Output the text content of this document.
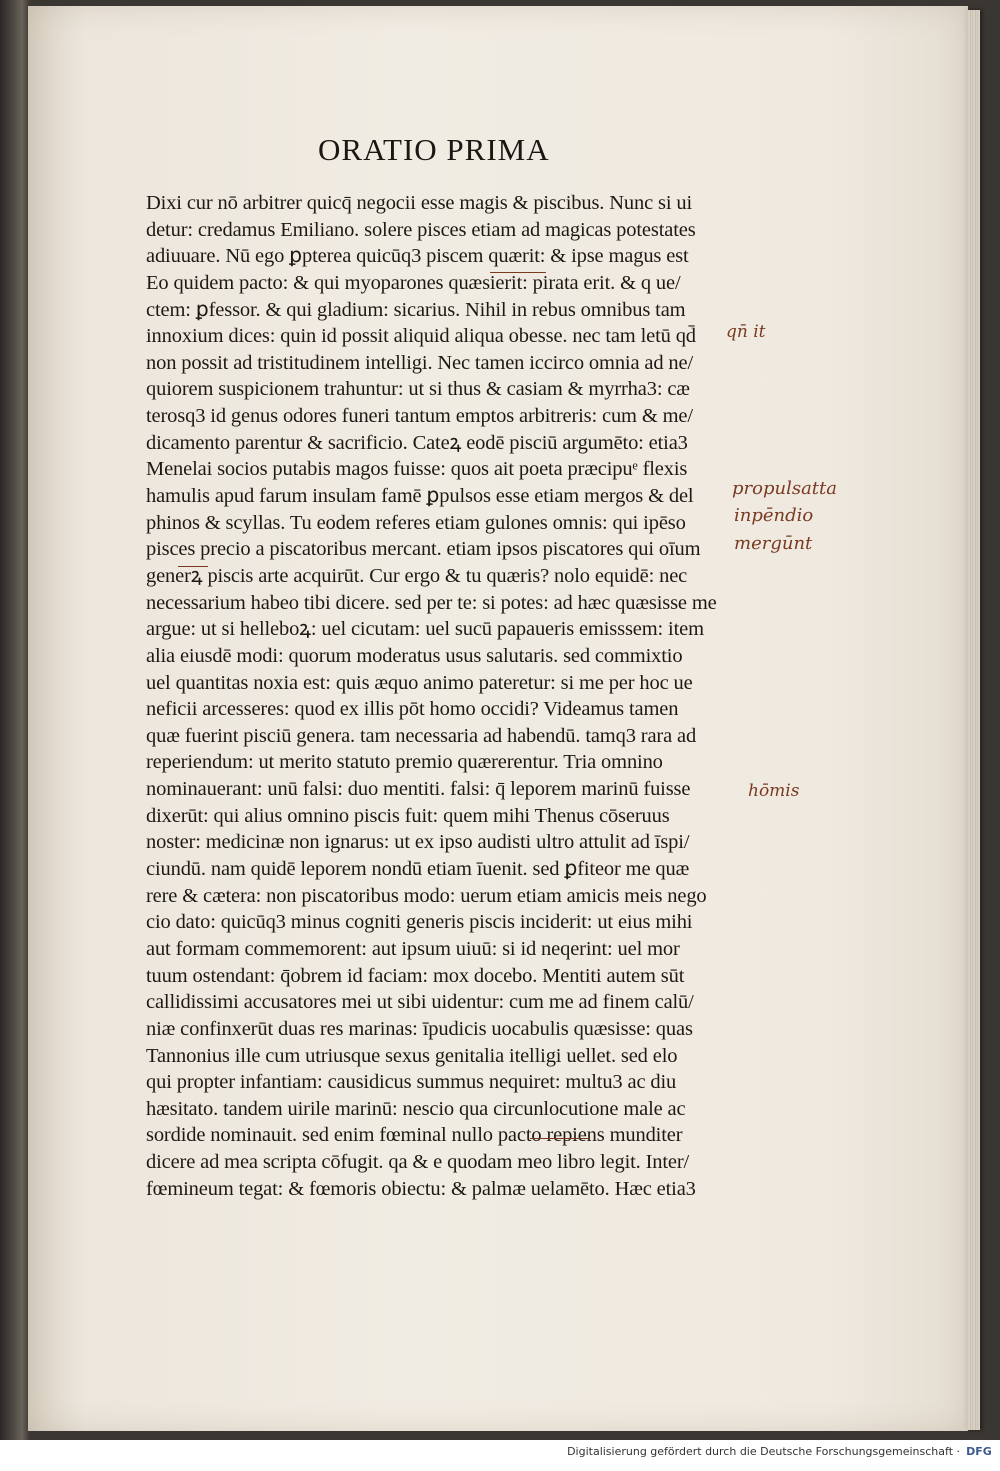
ORATIO PRIMA
Dixi cur nō arbitrer quicq̄ negocii esse magis & piscibus. Nunc si ui
detur: credamus Emiliano. solere pisces etiam ad magicas potestates
adiuuare. Nū ego ꝑpterea quicūq3 piscem quærit: & ipse magus est
Eo quidem pacto: & qui myoparones quæsierit: pirata erit. & q ue/
ctem: ꝑfessor. & qui gladium: sicarius. Nihil in rebus omnibus tam
innoxium dices: quin id possit aliquid aliqua obesse. nec tam letū qd̄
non possit ad tristitudinem intelligi. Nec tamen iccirco omnia ad ne/
quiorem suspicionem trahuntur: ut si thus & casiam & myrrha3: cæ
terosq3 id genus odores funeri tantum emptos arbitreris: cum & me/
dicamento parentur & sacrificio. Cateꝝ eodē pisciū argumēto: etia3
Menelai socios putabis magos fuisse: quos ait poeta præcipuᵉ flexis
hamulis apud farum insulam famē ꝑpulsos esse etiam mergos & del
phinos & scyllas. Tu eodem referes etiam gulones omnis: qui ipēso
pisces precio a piscatoribus mercant. etiam ipsos piscatores qui oīum
generꝝ piscis arte acquirūt. Cur ergo & tu quæris? nolo equidē: nec
necessarium habeo tibi dicere. sed per te: si potes: ad hæc quæsisse me
argue: ut si helleboꝝ: uel cicutam: uel sucū papaueris emisssem: item
alia eiusdē modi: quorum moderatus usus salutaris. sed commixtio
uel quantitas noxia est: quis æquo animo pateretur: si me per hoc ue
neficii arcesseres: quod ex illis pōt homo occidi? Videamus tamen
quæ fuerint pisciū genera. tam necessaria ad habendū. tamq3 rara ad
reperiendum: ut merito statuto premio quærerentur. Tria omnino
nominauerant: unū falsi: duo mentiti. falsi: q̄ leporem marinū fuisse
dixerūt: qui alius omnino piscis fuit: quem mihi Thenus cōseruus
noster: medicinæ non ignarus: ut ex ipso audisti ultro attulit ad īspi/
ciundū. nam quidē leporem nondū etiam īuenit. sed ꝑfiteor me quæ
rere & cætera: non piscatoribus modo: uerum etiam amicis meis nego
cio dato: quicūq3 minus cogniti generis piscis inciderit: ut eius mihi
aut formam commemorent: aut ipsum uiuū: si id neqerint: uel mor
tuum ostendant: q̄obrem id faciam: mox docebo. Mentiti autem sūt
callidissimi accusatores mei ut sibi uidentur: cum me ad finem calū/
niæ confinxerūt duas res marinas: īpudicis uocabulis quæsisse: quas
Tannonius ille cum utriusque sexus genitalia itelligi uellet. sed elo
qui propter infantiam: causidicus summus nequiret: multu3 ac diu
hæsitato. tandem uirile marinū: nescio qua circunlocutione male ac
sordide nominauit. sed enim fœminal nullo pacto repiens munditer
dicere ad mea scripta cōfugit. qa & e quodam meo libro legit. Inter/
fœmineum tegat: & fœmoris obiectu: & palmæ uelamēto. Hæc etia3
qn̄ it
propulsatta
inpēndio
mergūnt
hōmis
Digitalisierung gefördert durch die Deutsche Forschungsgemeinschaft · DFG
